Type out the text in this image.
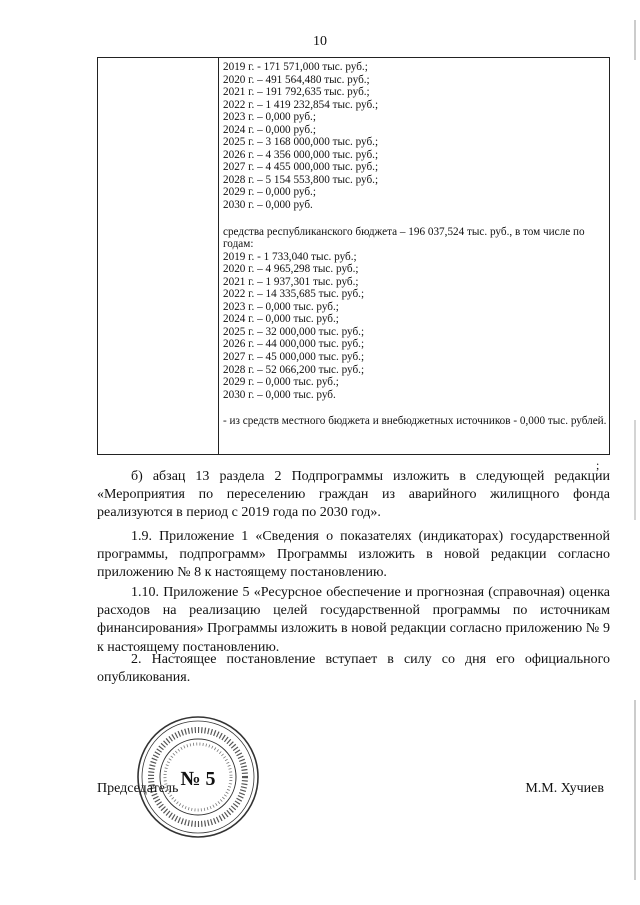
10
2019 г. - 171 571,000 тыс. руб.;
2020 г. – 491 564,480 тыс. руб.;
2021 г. – 191 792,635 тыс. руб.;
2022 г. – 1 419 232,854 тыс. руб.;
2023 г. – 0,000 руб.;
2024 г. – 0,000 руб.;
2025 г. – 3 168 000,000 тыс. руб.;
2026 г. – 4 356 000,000 тыс. руб.;
2027 г. – 4 455 000,000 тыс. руб.;
2028 г. – 5 154 553,800 тыс. руб.;
2029 г. – 0,000 руб.;
2030 г. – 0,000 руб.
средства республиканского бюджета – 196 037,524 тыс. руб., в том числе по годам:
2019 г. - 1 733,040 тыс. руб.;
2020 г. – 4 965,298 тыс. руб.;
2021 г. – 1 937,301 тыс. руб.;
2022 г. – 14 335,685 тыс. руб.;
2023 г. – 0,000 тыс. руб.;
2024 г. – 0,000 тыс. руб.;
2025 г. – 32 000,000 тыс. руб.;
2026 г. – 44 000,000 тыс. руб.;
2027 г. – 45 000,000 тыс. руб.;
2028 г. – 52 066,200 тыс. руб.;
2029 г. – 0,000 тыс. руб.;
2030 г. – 0,000 тыс. руб.
- из средств местного бюджета и внебюджетных источников - 0,000 тыс. рублей.
;
б) абзац 13 раздела 2 Подпрограммы изложить в следующей редакции «Мероприятия по переселению граждан из аварийного жилищного фонда реализуются в период с 2019 года по 2030 год».
1.9. Приложение 1 «Сведения о показателях (индикаторах) государственной программы, подпрограмм» Программы изложить в новой редакции согласно приложению № 8 к настоящему постановлению.
1.10. Приложение 5 «Ресурсное обеспечение и прогнозная (справочная) оценка расходов на реализацию целей государственной программы по источникам финансирования» Программы изложить в новой редакции согласно приложению № 9 к настоящему постановлению.
2. Настоящее постановление вступает в силу со дня его официального опубликования.
№ 5
Председатель	М.М. Хучиев
